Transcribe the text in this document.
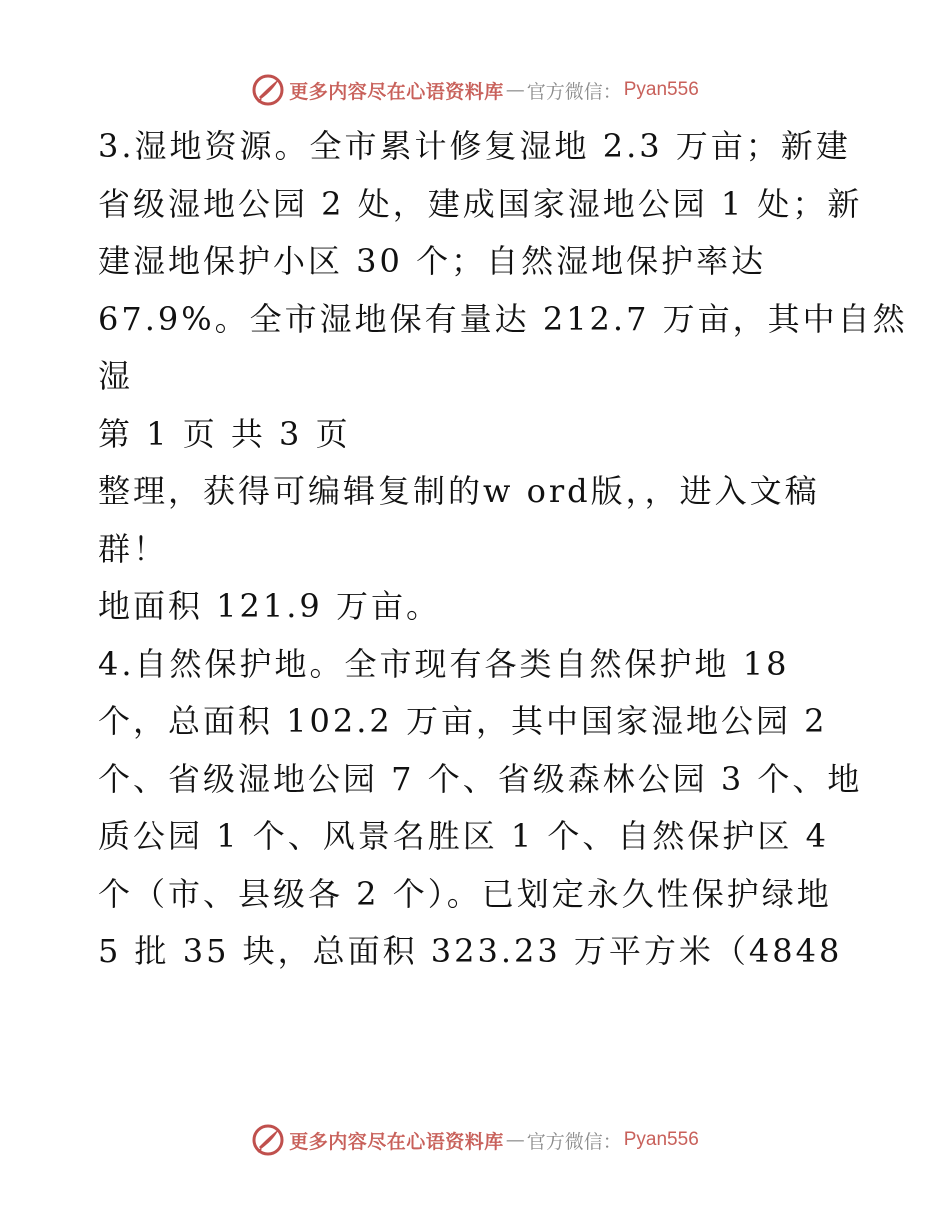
更多内容尽在心语资料库 — 官方微信： Pyan556

3.湿地资源。全市累计修复湿地 2.3 万亩；新建
省级湿地公园 2 处，建成国家湿地公园 1 处；新
建湿地保护小区 30 个；自然湿地保护率达
67.9%。全市湿地保有量达 212.7 万亩，其中自然
湿

第 1 页 共 3 页

整理，获得可编辑复制的w ord版，，进入文稿
群！

地面积 121.9 万亩。

4.自然保护地。全市现有各类自然保护地 18
个，总面积 102.2 万亩，其中国家湿地公园 2
个、省级湿地公园 7 个、省级森林公园 3 个、地
质公园 1 个、风景名胜区 1 个、自然保护区 4
个（市、县级各 2 个）。已划定永久性保护绿地
5 批 35 块，总面积 323.23 万平方米（4848

更多内容尽在心语资料库 — 官方微信： Pyan556
